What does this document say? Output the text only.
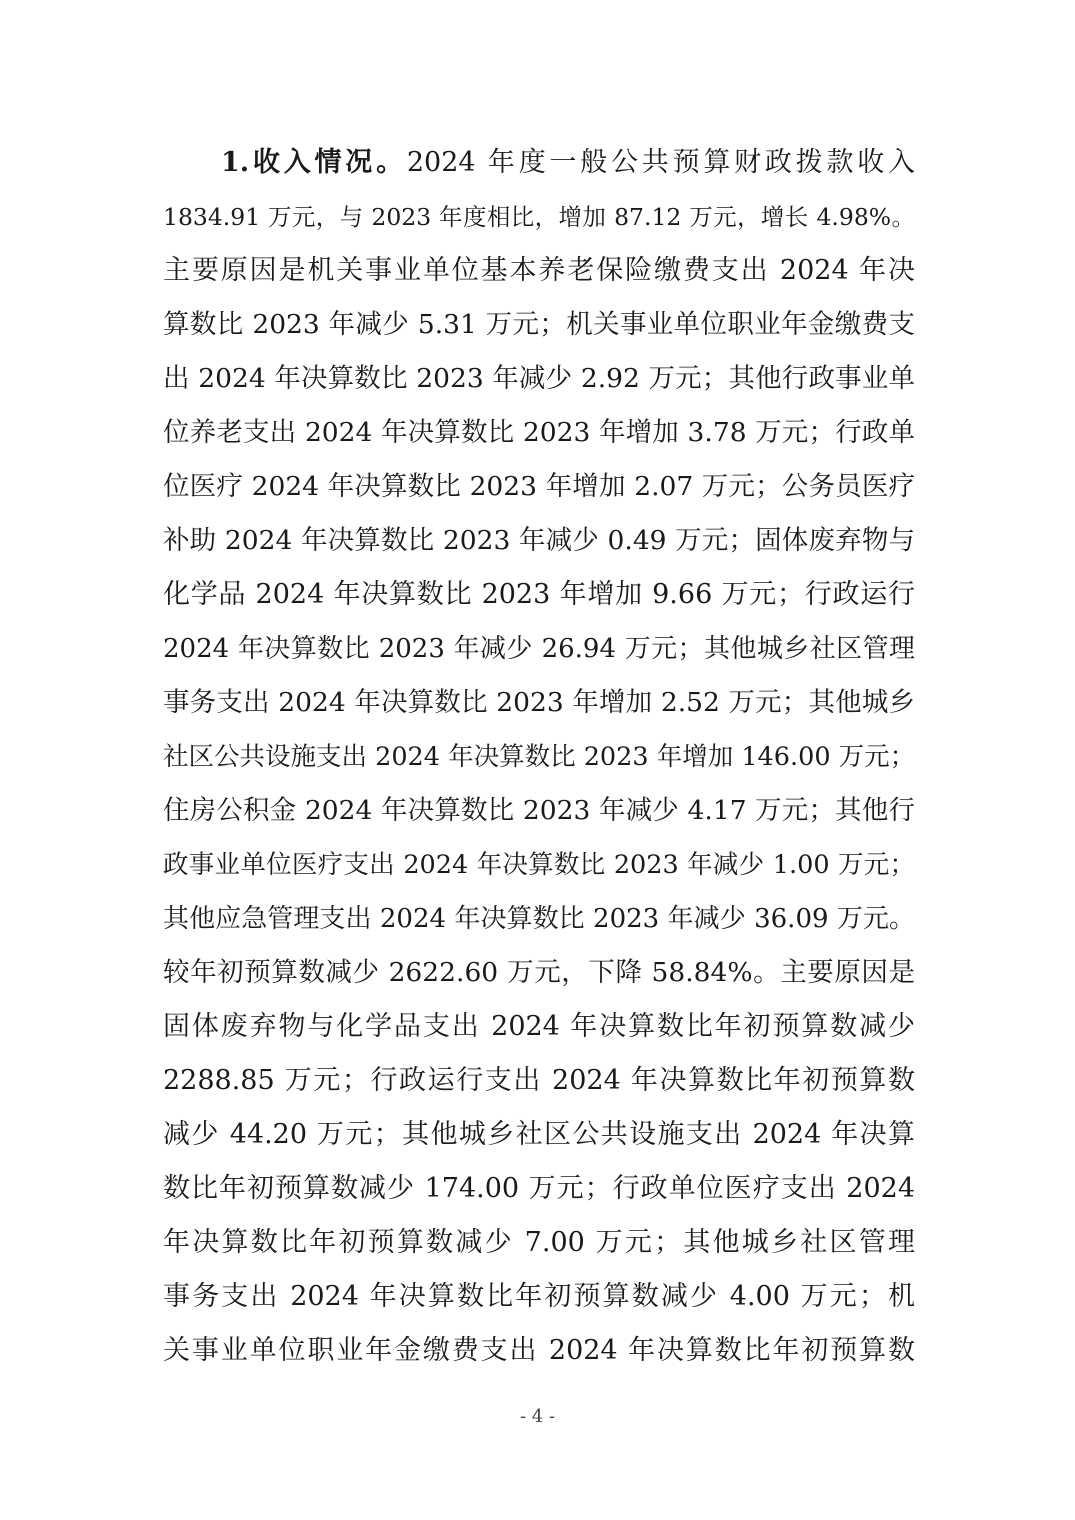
1.收入情况。2024 年度一般公共预算财政拨款收入
1834.91 万元，与 2023 年度相比，增加 87.12 万元，增长 4.98%。
主要原因是机关事业单位基本养老保险缴费支出 2024 年决
算数比 2023 年减少 5.31 万元；机关事业单位职业年金缴费支
出 2024 年决算数比 2023 年减少 2.92 万元；其他行政事业单
位养老支出 2024 年决算数比 2023 年增加 3.78 万元；行政单
位医疗 2024 年决算数比 2023 年增加 2.07 万元；公务员医疗
补助 2024 年决算数比 2023 年减少 0.49 万元；固体废弃物与
化学品 2024 年决算数比 2023 年增加 9.66 万元；行政运行
2024 年决算数比 2023 年减少 26.94 万元；其他城乡社区管理
事务支出 2024 年决算数比 2023 年增加 2.52 万元；其他城乡
社区公共设施支出 2024 年决算数比 2023 年增加 146.00 万元；
住房公积金 2024 年决算数比 2023 年减少 4.17 万元；其他行
政事业单位医疗支出 2024 年决算数比 2023 年减少 1.00 万元；
其他应急管理支出 2024 年决算数比 2023 年减少 36.09 万元。
较年初预算数减少 2622.60 万元，下降 58.84%。主要原因是
固体废弃物与化学品支出 2024 年决算数比年初预算数减少
2288.85 万元；行政运行支出 2024 年决算数比年初预算数
减少 44.20 万元；其他城乡社区公共设施支出 2024 年决算
数比年初预算数减少 174.00 万元；行政单位医疗支出 2024
年决算数比年初预算数减少 7.00 万元；其他城乡社区管理
事务支出 2024 年决算数比年初预算数减少 4.00 万元；机
关事业单位职业年金缴费支出 2024 年决算数比年初预算数
- 4 -
